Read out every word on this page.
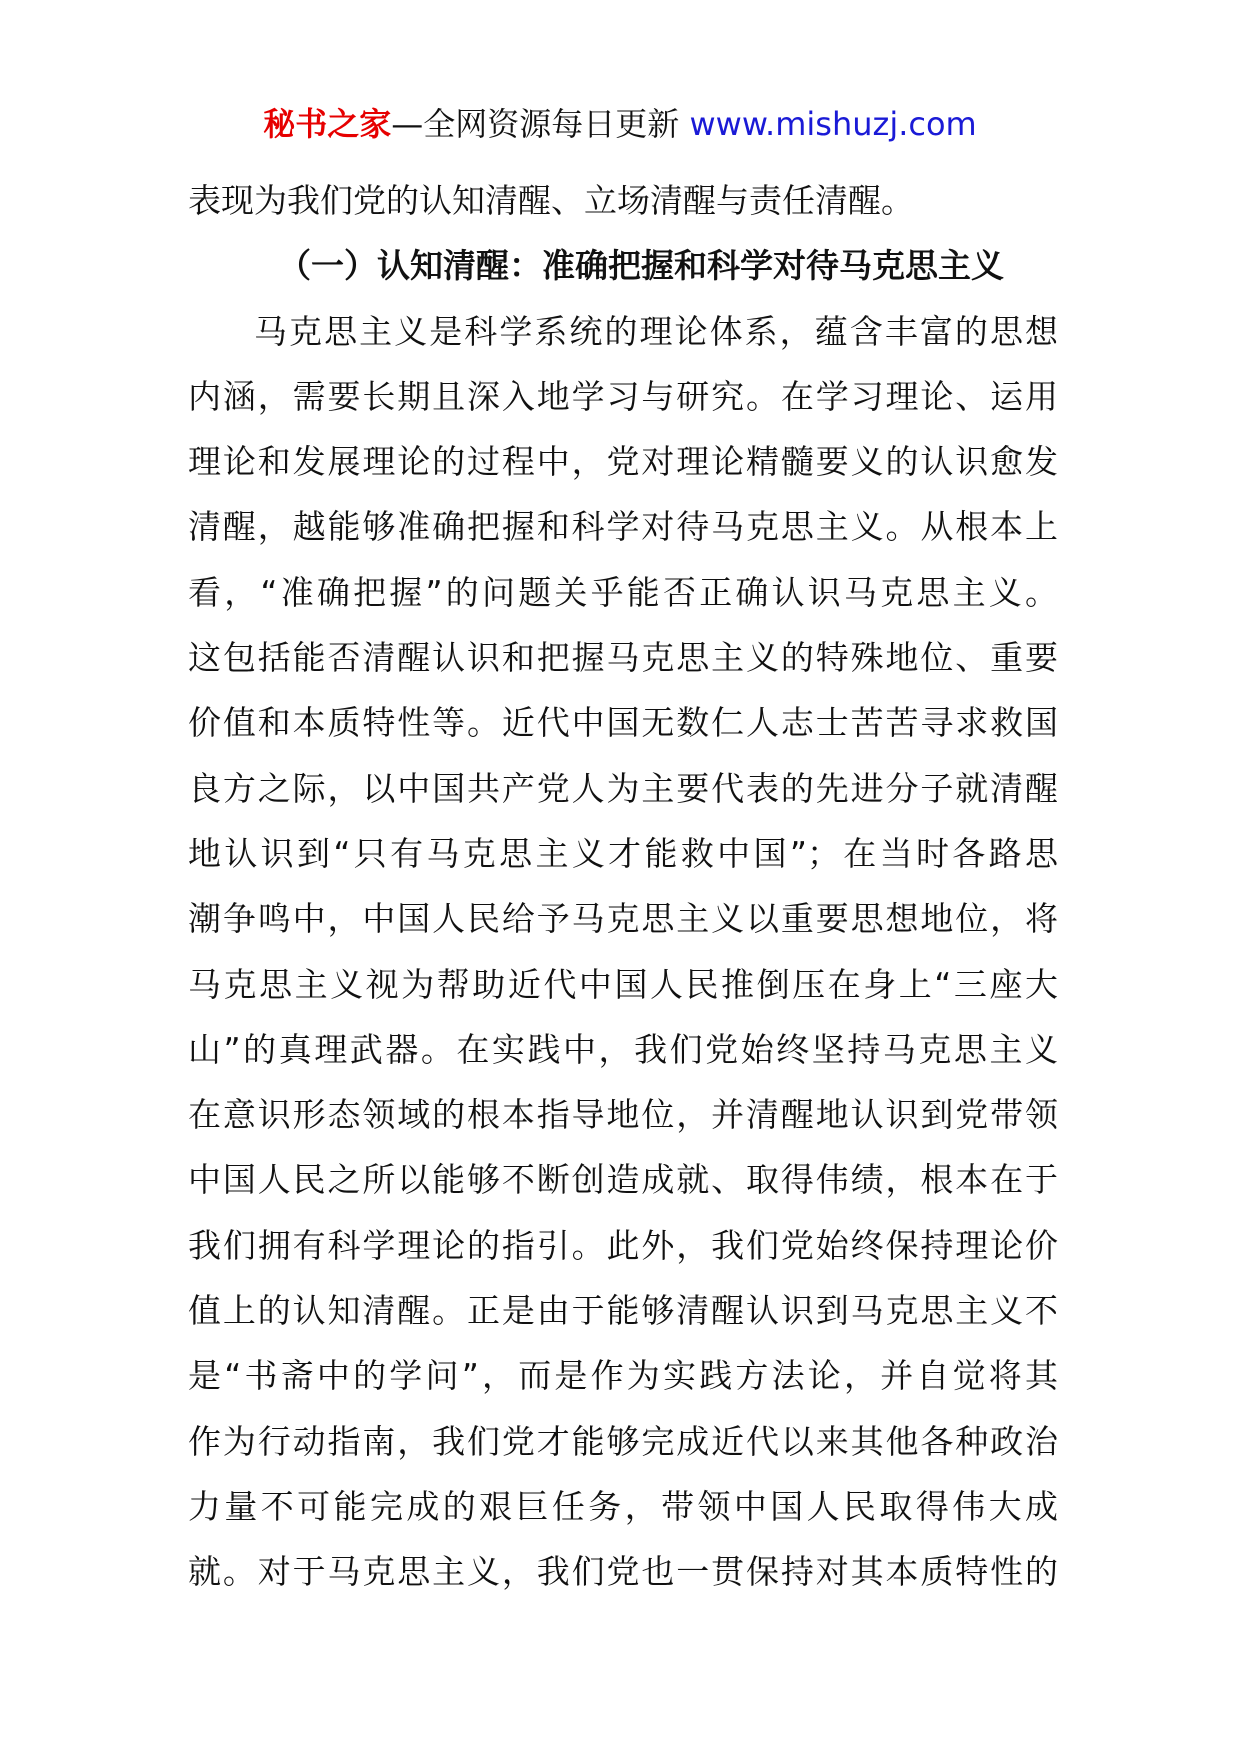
秘书之家—全网资源每日更新 www.mishuzj.com
表现为我们党的认知清醒、立场清醒与责任清醒。
（一）认知清醒：准确把握和科学对待马克思主义
马克思主义是科学系统的理论体系，蕴含丰富的思想
内涵，需要长期且深入地学习与研究。在学习理论、运用
理论和发展理论的过程中，党对理论精髓要义的认识愈发
清醒，越能够准确把握和科学对待马克思主义。从根本上
看，“准确把握”的问题关乎能否正确认识马克思主义。
这包括能否清醒认识和把握马克思主义的特殊地位、重要
价值和本质特性等。近代中国无数仁人志士苦苦寻求救国
良方之际，以中国共产党人为主要代表的先进分子就清醒
地认识到“只有马克思主义才能救中国”；在当时各路思
潮争鸣中，中国人民给予马克思主义以重要思想地位，将
马克思主义视为帮助近代中国人民推倒压在身上“三座大
山”的真理武器。在实践中，我们党始终坚持马克思主义
在意识形态领域的根本指导地位，并清醒地认识到党带领
中国人民之所以能够不断创造成就、取得伟绩，根本在于
我们拥有科学理论的指引。此外，我们党始终保持理论价
值上的认知清醒。正是由于能够清醒认识到马克思主义不
是“书斋中的学问”，而是作为实践方法论，并自觉将其
作为行动指南，我们党才能够完成近代以来其他各种政治
力量不可能完成的艰巨任务，带领中国人民取得伟大成
就。对于马克思主义，我们党也一贯保持对其本质特性的
